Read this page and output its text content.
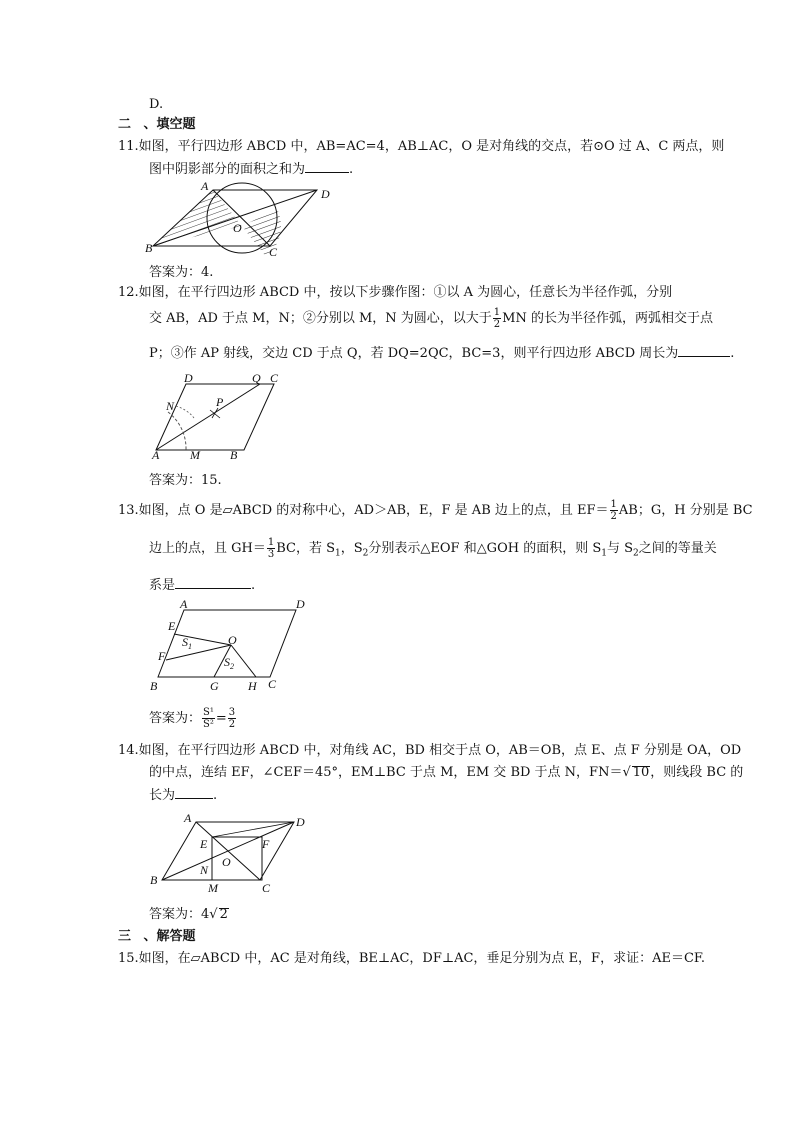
D.
二 、填空题
11.如图，平行四边形 ABCD 中，AB=AC=4，AB⊥AC，O 是对角线的交点，若⊙O 过 A、C 两点，则
图中阴影部分的面积之和为	.
A
D
B	C
O
答案为：4.
12.如图，在平行四边形 ABCD 中，按以下步骤作图：①以 A 为圆心，任意长为半径作弧，分别
交 AB，AD 于点 M，N；②分别以 M，N 为圆心，以大于 $\frac{1}{2}$ MN 的长为半径作弧，两弧相交于点
P；③作 AP 射线，交边 CD 于点 Q，若 DQ=2QC，BC=3，则平行四边形 ABCD 周长为	.
D	Q C
N	P
A	M	B
答案为：15.
13.如图，点 O 是▱ABCD 的对称中心，AD＞AB，E，F 是 AB 边上的点，且 $EF= \frac{1}{2}$ AB；G，H 分别是 BC
边上的点，且 $GH= \frac{1}{3}$ BC，若 $S_1$，$S_2$分别表示△EOF 和△GOH 的面积，则 $S_1$与 $S_2$之间的等量关
系是	.
A	D
E
F
$S_1$	O
$S_2$
B	G H C
答案为： $\frac{\text{S¹}}{\text{S²}} = \frac{3}{2}$
14.如图，在平行四边形 ABCD 中，对角线 AC，BD 相交于点 O，AB＝OB，点 E、点 F 分别是 OA，OD
的中点，连结 EF，∠CEF＝45°，EM⊥BC 于点 M，EM 交 BD 于点 N，FN＝√ 10，则线段 BC 的
长为	.
A	D
E	F
O
N
B
M	C
答案为：4√ 2
三 、解答题
15.如图，在▱ABCD 中，AC 是对角线，BE⊥AC，DF⊥AC，垂足分别为点 E，F，求证：AE＝CF.
